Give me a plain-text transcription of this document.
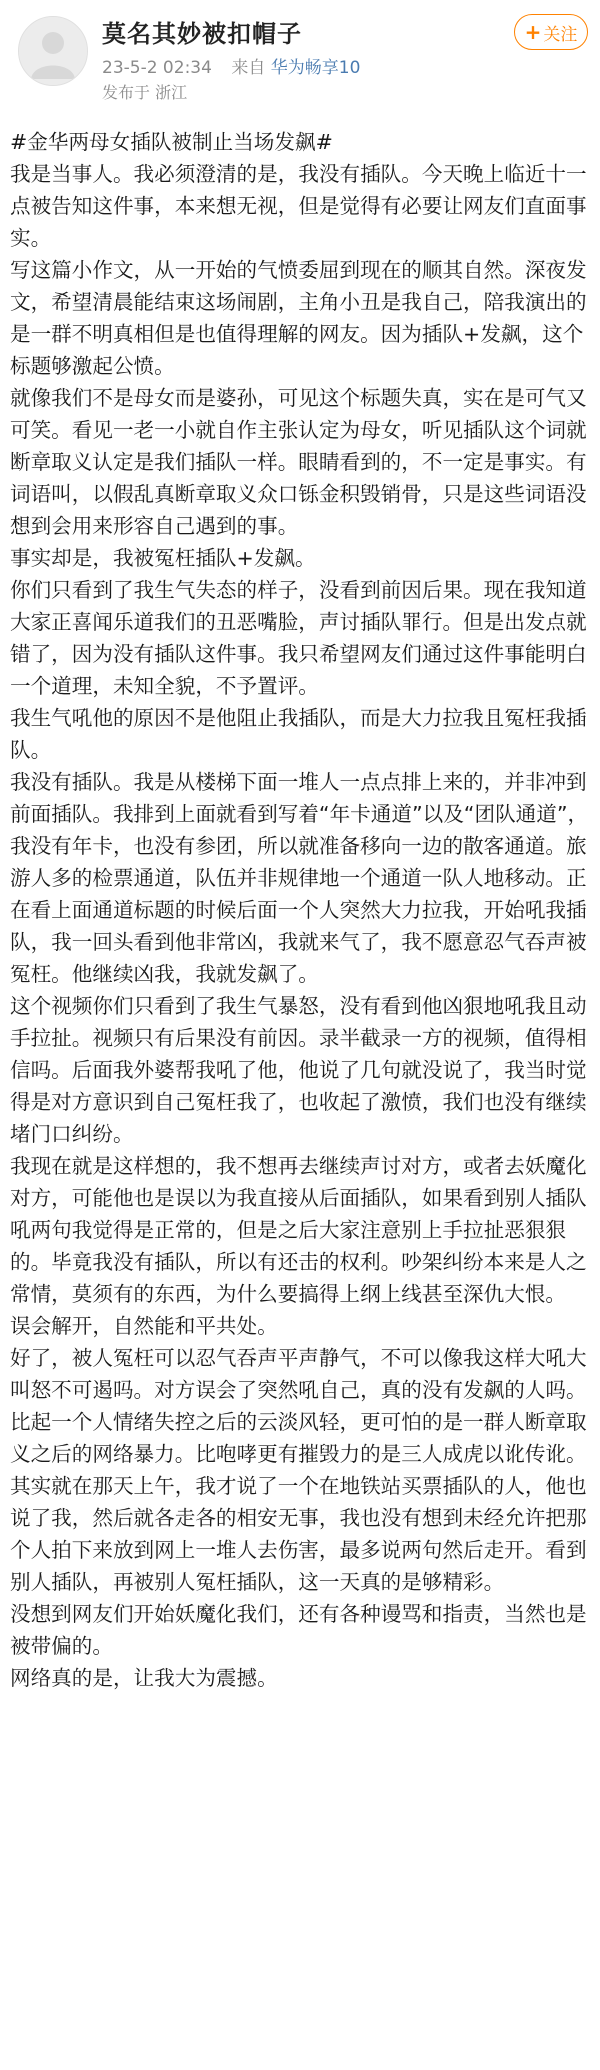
莫名其妙被扣帽子
23-5-2 02:34 来自 华为畅享10
发布于 浙江
+ 关注

#金华两母女插队被制止当场发飙#

我是当事人。我必须澄清的是，我没有插队。今天晚上临近十一点被告知这件事，本来想无视，但是觉得有必要让网友们直面事实。

写这篇小作文，从一开始的气愤委屈到现在的顺其自然。深夜发文，希望清晨能结束这场闹剧，主角小丑是我自己，陪我演出的是一群不明真相但是也值得理解的网友。因为插队+发飙，这个标题够激起公愤。

就像我们不是母女而是婆孙，可见这个标题失真，实在是可气又可笑。看见一老一小就自作主张认定为母女，听见插队这个词就断章取义认定是我们插队一样。眼睛看到的，不一定是事实。有词语叫，以假乱真断章取义众口铄金积毁销骨，只是这些词语没想到会用来形容自己遇到的事。

事实却是，我被冤枉插队+发飙。

你们只看到了我生气失态的样子，没看到前因后果。现在我知道大家正喜闻乐道我们的丑恶嘴脸，声讨插队罪行。但是出发点就错了，因为没有插队这件事。我只希望网友们通过这件事能明白一个道理，未知全貌，不予置评。

我生气吼他的原因不是他阻止我插队，而是大力拉我且冤枉我插队。

我没有插队。我是从楼梯下面一堆人一点点排上来的，并非冲到前面插队。我排到上面就看到写着“年卡通道”以及“团队通道”，我没有年卡，也没有参团，所以就准备移向一边的散客通道。旅游人多的检票通道，队伍并非规律地一个通道一队人地移动。正在看上面通道标题的时候后面一个人突然大力拉我，开始吼我插队，我一回头看到他非常凶，我就来气了，我不愿意忍气吞声被冤枉。他继续凶我，我就发飙了。

这个视频你们只看到了我生气暴怒，没有看到他凶狠地吼我且动手拉扯。视频只有后果没有前因。录半截录一方的视频，值得相信吗。后面我外婆帮我吼了他，他说了几句就没说了，我当时觉得是对方意识到自己冤枉我了，也收起了激愤，我们也没有继续堵门口纠纷。

我现在就是这样想的，我不想再去继续声讨对方，或者去妖魔化对方，可能他也是误以为我直接从后面插队，如果看到别人插队吼两句我觉得是正常的，但是之后大家注意别上手拉扯恶狠狠的。毕竟我没有插队，所以有还击的权利。吵架纠纷本来是人之常情，莫须有的东西，为什么要搞得上纲上线甚至深仇大恨。

误会解开，自然能和平共处。

好了，被人冤枉可以忍气吞声平声静气，不可以像我这样大吼大叫怒不可遏吗。对方误会了突然吼自己，真的没有发飙的人吗。

比起一个人情绪失控之后的云淡风轻，更可怕的是一群人断章取义之后的网络暴力。比咆哮更有摧毁力的是三人成虎以讹传讹。

其实就在那天上午，我才说了一个在地铁站买票插队的人，他也说了我，然后就各走各的相安无事，我也没有想到未经允许把那个人拍下来放到网上一堆人去伤害，最多说两句然后走开。看到别人插队，再被别人冤枉插队，这一天真的是够精彩。

没想到网友们开始妖魔化我们，还有各种谩骂和指责，当然也是被带偏的。

网络真的是，让我大为震撼。
